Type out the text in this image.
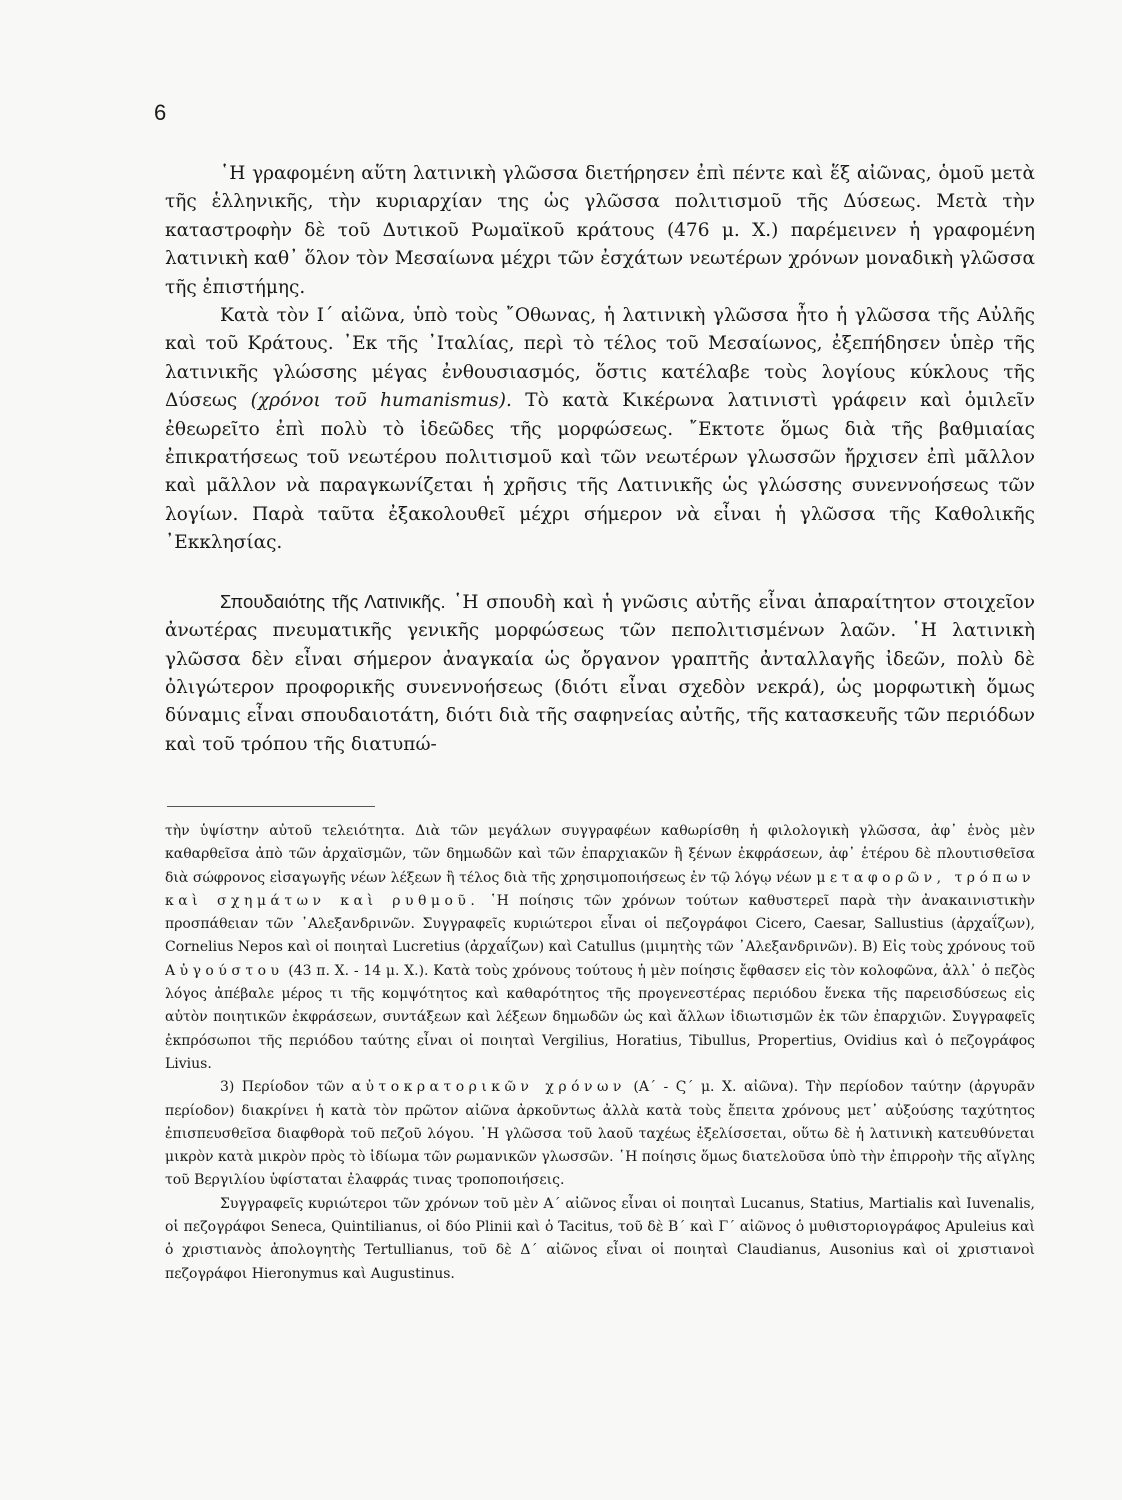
6

῾Η γραφομένη αὕτη λατινικὴ γλῶσσα διετήρησεν ἐπὶ πέντε καὶ ἕξ αἰῶνας, ὁμοῦ μετὰ τῆς ἑλληνικῆς, τὴν κυριαρχίαν της ὡς γλῶσσα πολιτισμοῦ τῆς Δύσεως. Μετὰ τὴν καταστροφὴν δὲ τοῦ Δυτικοῦ Ρωμαϊκοῦ κράτους (476 μ. Χ.) παρέμεινεν ἡ γραφομένη λατινικὴ καθ᾽ ὅλον τὸν Μεσαίωνα μέχρι τῶν ἐσχάτων νεωτέρων χρόνων μοναδικὴ γλῶσσα τῆς ἐπιστήμης.

Κατὰ τὸν Ι΄ αἰῶνα, ὑπὸ τοὺς ῎Οθωνας, ἡ λατινικὴ γλῶσσα ἦτο ἡ γλῶσσα τῆς Αὐλῆς καὶ τοῦ Κράτους. ᾽Εκ τῆς ᾽Ιταλίας, περὶ τὸ τέλος τοῦ Μεσαίωνος, ἐξεπήδησεν ὑπὲρ τῆς λατινικῆς γλώσσης μέγας ἐνθουσιασμός, ὅστις κατέλαβε τοὺς λογίους κύκλους τῆς Δύσεως (χρόνοι τοῦ humanismus). Τὸ κατὰ Κικέρωνα λατινιστὶ γράφειν καὶ ὁμιλεῖν ἐθεωρεῖτο ἐπὶ πολὺ τὸ ἰδεῶδες τῆς μορφώσεως. ῎Εκτοτε ὅμως διὰ τῆς βαθμιαίας ἐπικρατήσεως τοῦ νεωτέρου πολιτισμοῦ καὶ τῶν νεωτέρων γλωσσῶν ἤρχισεν ἐπὶ μᾶλλον καὶ μᾶλλον νὰ παραγκωνίζεται ἡ χρῆσις τῆς Λατινικῆς ὡς γλώσσης συνεννοήσεως τῶν λογίων. Παρὰ ταῦτα ἐξακολουθεῖ μέχρι σήμερον νὰ εἶναι ἡ γλῶσσα τῆς Καθολικῆς ᾽Εκκλησίας.

Σπουδαιότης τῆς Λατινικῆς. ῾Η σπουδὴ καὶ ἡ γνῶσις αὐτῆς εἶναι ἀπαραίτητον στοιχεῖον ἀνωτέρας πνευματικῆς γενικῆς μορφώσεως τῶν πεπολιτισμένων λαῶν. ῾Η λατινικὴ γλῶσσα δὲν εἶναι σήμερον ἀναγκαία ὡς ὄργανον γραπτῆς ἀνταλλαγῆς ἰδεῶν, πολὺ δὲ ὀλιγώτερον προφορικῆς συνεννοήσεως (διότι εἶναι σχεδὸν νεκρά), ὡς μορφωτικὴ ὅμως δύναμις εἶναι σπουδαιοτάτη, διότι διὰ τῆς σαφηνείας αὐτῆς, τῆς κατασκευῆς τῶν περιόδων καὶ τοῦ τρόπου τῆς διατυπώ-

τὴν ὑψίστην αὐτοῦ τελειότητα. Διὰ τῶν μεγάλων συγγραφέων καθωρίσθη ἡ φιλολογικὴ γλῶσσα, ἀφ᾽ ἑνὸς μὲν καθαρθεῖσα ἀπὸ τῶν ἀρχαϊσμῶν, τῶν δημωδῶν καὶ τῶν ἐπαρχιακῶν ἢ ξένων ἐκφράσεων, ἀφ᾽ ἑτέρου δὲ πλουτισθεῖσα διὰ σώφρονος εἰσαγωγῆς νέων λέξεων ἢ τέλος διὰ τῆς χρησιμοποιήσεως ἐν τῷ λόγῳ νέων μεταφορῶν, τρόπων καὶ σχημάτων καὶ ρυθμοῦ. ῾Η ποίησις τῶν χρόνων τούτων καθυστερεῖ παρὰ τὴν ἀνακαινιστικὴν προσπάθειαν τῶν ᾽Αλεξανδρινῶν. Συγγραφεῖς κυριώτεροι εἶναι οἱ πεζογράφοι Cicero, Caesar, Sallustius (ἀρχαΐζων), Cornelius Nepos καὶ οἱ ποιηταὶ Lucretius (ἀρχαΐζων) καὶ Catullus (μιμητὴς τῶν ᾽Αλεξανδρινῶν). Β) Εἰς τοὺς χρόνους τοῦ Αὐγούστου (43 π. Χ. - 14 μ. Χ.). Κατὰ τοὺς χρόνους τούτους ἡ μὲν ποίησις ἔφθασεν εἰς τὸν κολοφῶνα, ἀλλ᾽ ὁ πεζὸς λόγος ἀπέβαλε μέρος τι τῆς κομψότητος καὶ καθαρότητος τῆς προγενεστέρας περιόδου ἕνεκα τῆς παρεισδύσεως εἰς αὐτὸν ποιητικῶν ἐκφράσεων, συντάξεων καὶ λέξεων δημωδῶν ὡς καὶ ἄλλων ἰδιωτισμῶν ἐκ τῶν ἐπαρχιῶν. Συγγραφεῖς ἐκπρόσωποι τῆς περιόδου ταύτης εἶναι οἱ ποιηταὶ Vergilius, Horatius, Tibullus, Propertius, Ovidius καὶ ὁ πεζογράφος Livius.

3) Περίοδον τῶν αὐτοκρατορικῶν χρόνων (Α΄ - Ϛ΄ μ. Χ. αἰῶνα). Τὴν περίοδον ταύτην (ἀργυρᾶν περίοδον) διακρίνει ἡ κατὰ τὸν πρῶτον αἰῶνα ἀρκοῦντως ἀλλὰ κατὰ τοὺς ἔπειτα χρόνους μετ᾽ αὐξούσης ταχύτητος ἐπισπευσθεῖσα διαφθορὰ τοῦ πεζοῦ λόγου. ῾Η γλῶσσα τοῦ λαοῦ ταχέως ἐξελίσσεται, οὕτω δὲ ἡ λατινικὴ κατευθύνεται μικρὸν κατὰ μικρὸν πρὸς τὸ ἰδίωμα τῶν ρωμανικῶν γλωσσῶν. ῾Η ποίησις ὅμως διατελοῦσα ὑπὸ τὴν ἐπιρροὴν τῆς αἴγλης τοῦ Βεργιλίου ὑφίσταται ἐλαφράς τινας τροποποιήσεις.

Συγγραφεῖς κυριώτεροι τῶν χρόνων τοῦ μὲν Α΄ αἰῶνος εἶναι οἱ ποιηταὶ Lucanus, Statius, Martialis καὶ Iuvenalis, οἱ πεζογράφοι Seneca, Quintilianus, οἱ δύο Plinii καὶ ὁ Tacitus, τοῦ δὲ Β΄ καὶ Γ΄ αἰῶνος ὁ μυθιστοριογράφος Apuleius καὶ ὁ χριστιανὸς ἀπολογητὴς Tertullianus, τοῦ δὲ Δ΄ αἰῶνος εἶναι οἱ ποιηταὶ Claudianus, Ausonius καὶ οἱ χριστιανοὶ πεζογράφοι Hieronymus καὶ Augustinus.
